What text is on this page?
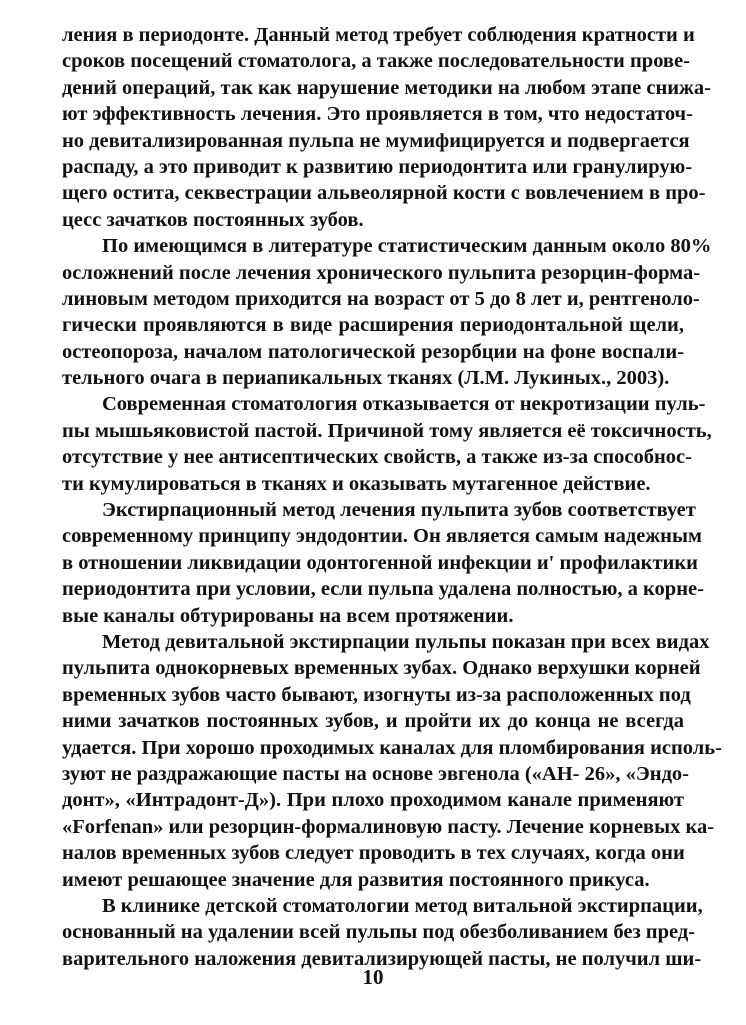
ления в периодонте. Данный метод требует соблюдения кратности и
сроков посещений стоматолога, а также последовательности прове-
дений операций, так как нарушение методики на любом этапе снижа-
ют эффективность лечения. Это проявляется в том, что недостаточ-
но девитализированная пульпа не мумифицируется и подвергается
распаду, а это приводит к развитию периодонтита или гранулирую-
щего остита, секвестрации альвеолярной кости с вовлечением в про-
цесс зачатков постоянных зубов.
По имеющимся в литературе статистическим данным около 80%
осложнений после лечения хронического пульпита резорцин-форма-
линовым методом приходится на возраст от 5 до 8 лет и, рентгеноло-
гически проявляются в виде расширения периодонтальной щели,
остеопороза, началом патологической резорбции на фоне воспали-
тельного очага в периапикальных тканях (Л.М. Лукиных., 2003).
Современная стоматология отказывается от некротизации пуль-
пы мышьяковистой пастой. Причиной тому является её токсичность,
отсутствие у нее антисептических свойств, а также из-за способнос-
ти кумулироваться в тканях и оказывать мутагенное действие.
Экстирпационный метод лечения пульпита зубов соответствует
современному принципу эндодонтии. Он является самым надежным
в отношении ликвидации одонтогенной инфекции и' профилактики
периодонтита при условии, если пульпа удалена полностью, а корне-
вые каналы обтурированы на всем протяжении.
Метод девитальной экстирпации пульпы показан при всех видах
пульпита однокорневых временных зубах. Однако верхушки корней
временных зубов часто бывают, изогнуты из-за расположенных под
ними зачатков постоянных зубов, и пройти их до конца не всегда
удается. При хорошо проходимых каналах для пломбирования исполь-
зуют не раздражающие пасты на основе эвгенола («АН- 26», «Эндо-
донт», «Интрадонт-Д»). При плохо проходимом канале применяют
«Forfenan» или резорцин-формалиновую пасту. Лечение корневых ка-
налов временных зубов следует проводить в тех случаях, когда они
имеют решающее значение для развития постоянного прикуса.
В клинике детской стоматологии метод витальной экстирпации,
основанный на удалении всей пульпы под обезболиванием без пред-
варительного наложения девитализирующей пасты, не получил ши-
10
